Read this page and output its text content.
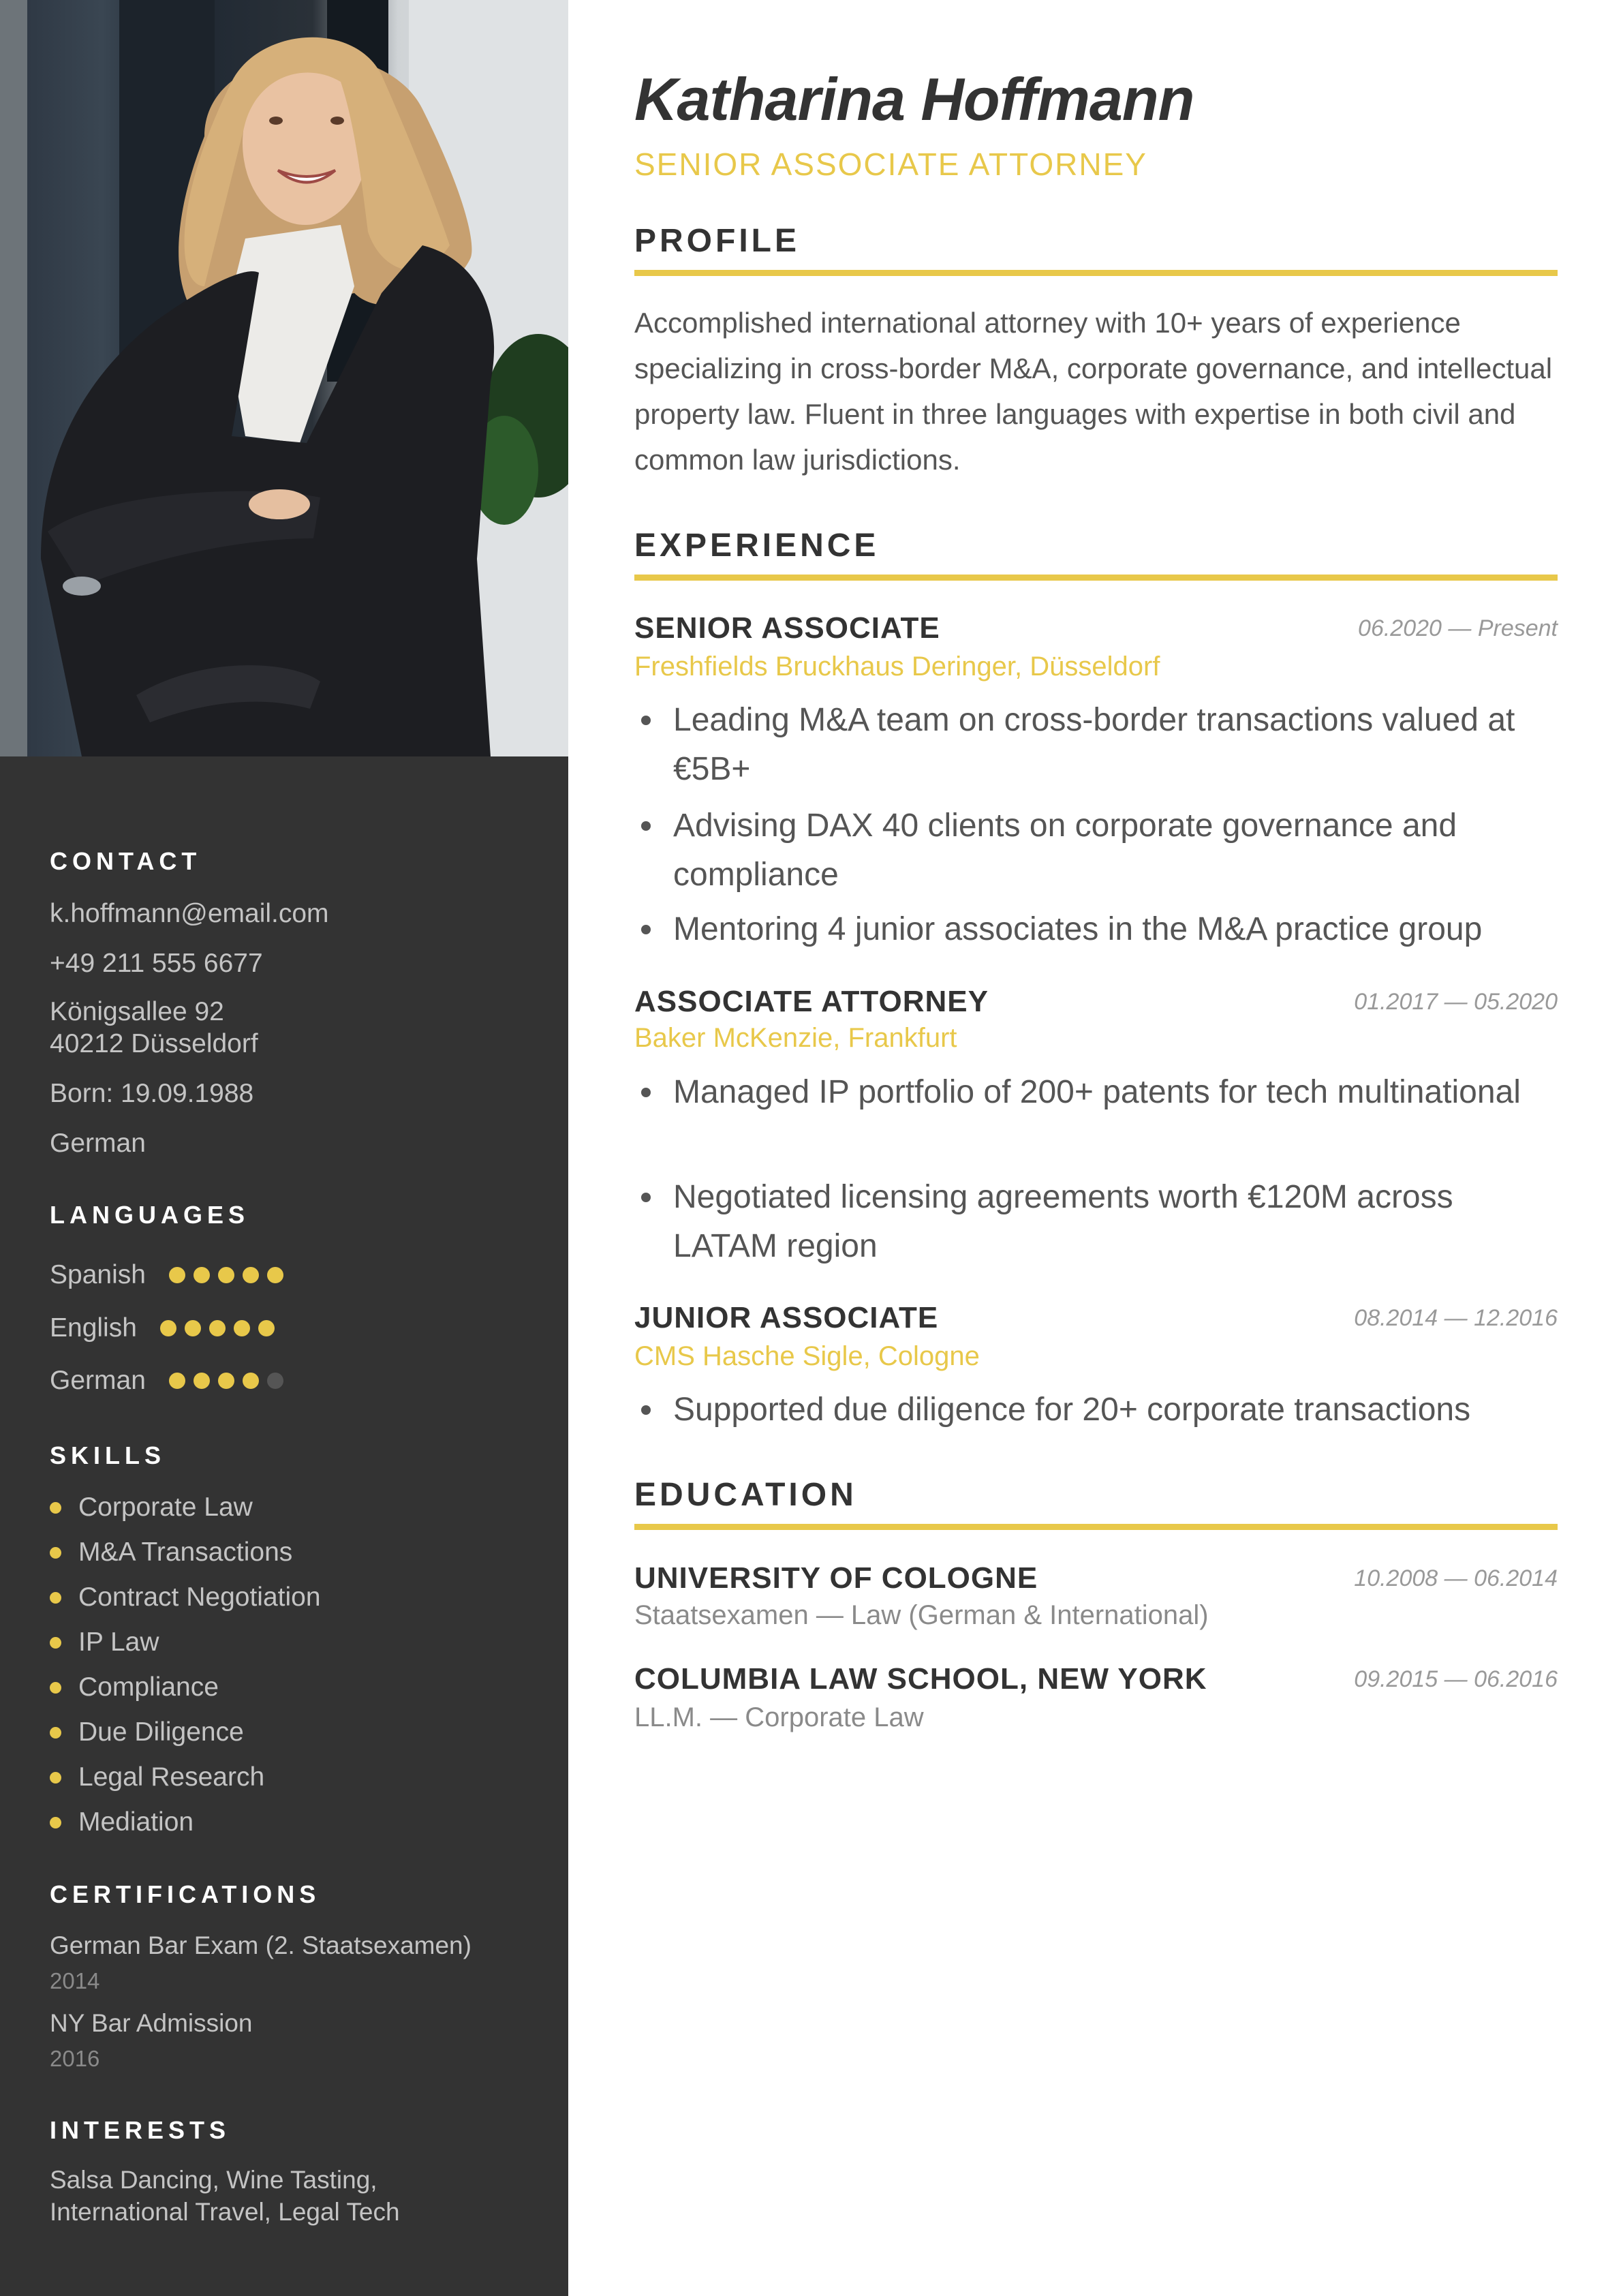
CONTACT
k.hoffmann@email.com
+49 211 555 6677
Königsallee 92
40212 Düsseldorf
Born: 19.09.1988
German
LANGUAGES
Spanish
English
German
SKILLS
Corporate Law
M&A Transactions
Contract Negotiation
IP Law
Compliance
Due Diligence
Legal Research
Mediation
CERTIFICATIONS
German Bar Exam (2. Staatsexamen)
2014
NY Bar Admission
2016
INTERESTS
Salsa Dancing, Wine Tasting,
International Travel, Legal Tech
Katharina Hoffmann
SENIOR ASSOCIATE ATTORNEY
PROFILE

Accomplished international attorney with 10+ years of experience specializing in cross-border M&A, corporate governance, and intellectual property law. Fluent in three languages with expertise in both civil and common law jurisdictions.

EXPERIENCE
SENIOR ASSOCIATE	06.2020 — Present
Freshfields Bruckhaus Deringer, Düsseldorf
Leading M&A team on cross-border transactions valued at €5B+
Advising DAX 40 clients on corporate governance and compliance
Mentoring 4 junior associates in the M&A practice group
ASSOCIATE ATTORNEY	01.2017 — 05.2020
Baker McKenzie, Frankfurt
Managed IP portfolio of 200+ patents for tech multinational
Negotiated licensing agreements worth €120M across LATAM region
JUNIOR ASSOCIATE	08.2014 — 12.2016
CMS Hasche Sigle, Cologne
Supported due diligence for 20+ corporate transactions
EDUCATION
UNIVERSITY OF COLOGNE	10.2008 — 06.2014
Staatsexamen — Law (German & International)
COLUMBIA LAW SCHOOL, NEW YORK	09.2015 — 06.2016
LL.M. — Corporate Law
